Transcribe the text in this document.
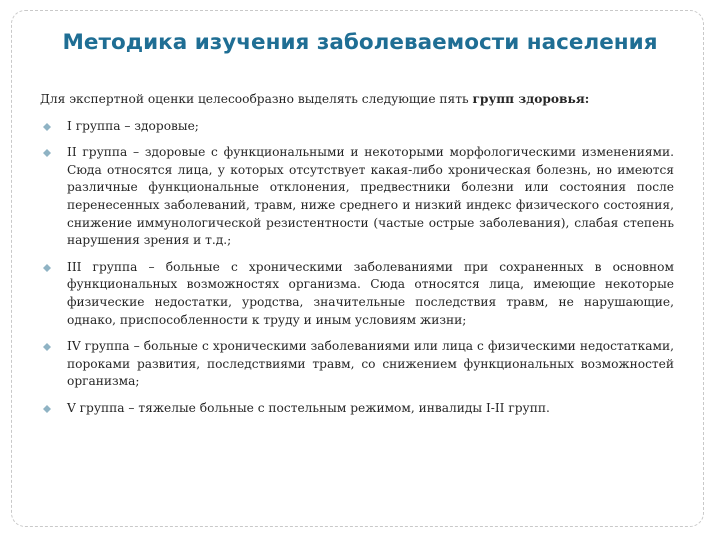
Методика изучения заболеваемости населения

Для экспертной оценки целесообразно выделять следующие пять групп здоровья:

I группа – здоровые;
II группа – здоровые с функциональными и некоторыми морфологическими изменениями. Сюда относятся лица, у которых отсутствует какая-либо хроническая болезнь, но имеются различные функциональные отклонения, предвестники болезни или состояния после перенесенных заболеваний, травм, ниже среднего и низкий индекс физического состояния, снижение иммунологической резистентности (частые острые заболевания), слабая степень нарушения зрения и т.д.;
III группа – больные с хроническими заболеваниями при сохраненных в основном функциональных возможностях организма. Сюда относятся лица, имеющие некоторые физические недостатки, уродства, значительные последствия травм, не нарушающие, однако, приспособленности к труду и иным условиям жизни;
IV группа – больные с хроническими заболеваниями или лица с физическими недостатками, пороками развития, последствиями травм, со снижением функциональных возможностей организма;
V группа – тяжелые больные с постельным режимом, инвалиды I-II групп.
